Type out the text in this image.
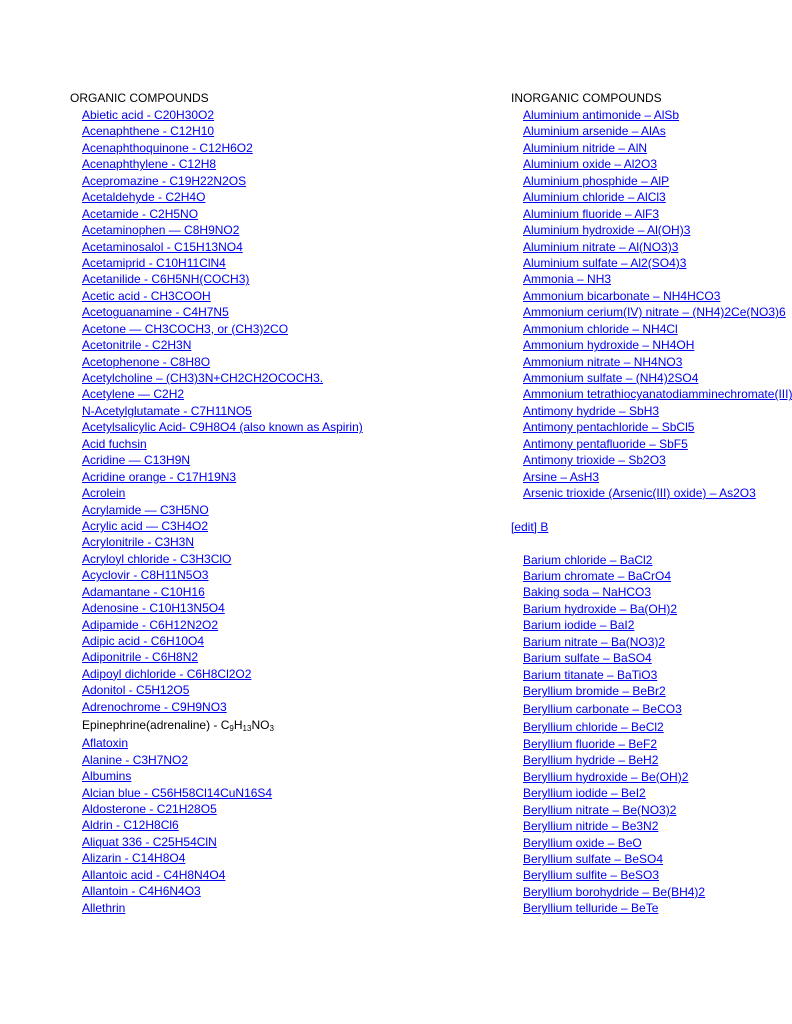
ORGANIC COMPOUNDS
Abietic acid - C20H30O2
Acenaphthene - C12H10
Acenaphthoquinone - C12H6O2
Acenaphthylene - C12H8
Acepromazine - C19H22N2OS
Acetaldehyde - C2H4O
Acetamide - C2H5NO
Acetaminophen — C8H9NO2
Acetaminosalol - C15H13NO4
Acetamiprid - C10H11ClN4
Acetanilide - C6H5NH(COCH3)
Acetic acid - CH3COOH
Acetoguanamine - C4H7N5
Acetone — CH3COCH3, or (CH3)2CO
Acetonitrile - C2H3N
Acetophenone - C8H8O
Acetylcholine – (CH3)3N+CH2CH2OCOCH3.
Acetylene — C2H2
N-Acetylglutamate - C7H11NO5
Acetylsalicylic Acid- C9H8O4 (also known as Aspirin)
Acid fuchsin
Acridine — C13H9N
Acridine orange - C17H19N3
Acrolein
Acrylamide — C3H5NO
Acrylic acid — C3H4O2
Acrylonitrile - C3H3N
Acryloyl chloride - C3H3ClO
Acyclovir - C8H11N5O3
Adamantane - C10H16
Adenosine - C10H13N5O4
Adipamide - C6H12N2O2
Adipic acid - C6H10O4
Adiponitrile - C6H8N2
Adipoyl dichloride - C6H8Cl2O2
Adonitol - C5H12O5
Adrenochrome - C9H9NO3
Epinephrine(adrenaline) - $C_9H_{13}NO_3$
Aflatoxin
Alanine - C3H7NO2
Albumins
Alcian blue - C56H58Cl14CuN16S4
Aldosterone - C21H28O5
Aldrin - C12H8Cl6
Aliquat 336 - C25H54ClN
Alizarin - C14H8O4
Allantoic acid - C4H8N4O4
Allantoin - C4H6N4O3
Allethrin
INORGANIC COMPOUNDS
Aluminium antimonide – AlSb
Aluminium arsenide – AlAs
Aluminium nitride – AlN
Aluminium oxide – Al2O3
Aluminium phosphide – AlP
Aluminium chloride – AlCl3
Aluminium fluoride – AlF3
Aluminium hydroxide – Al(OH)3
Aluminium nitrate – Al(NO3)3
Aluminium sulfate – Al2(SO4)3
Ammonia – NH3
Ammonium bicarbonate – NH4HCO3
Ammonium cerium(IV) nitrate – (NH4)2Ce(NO3)6
Ammonium chloride – NH4Cl
Ammonium hydroxide – NH4OH
Ammonium nitrate – NH4NO3
Ammonium sulfate – (NH4)2SO4
Ammonium tetrathiocyanatodiamminechromate(III)
Antimony hydride – SbH3
Antimony pentachloride – SbCl5
Antimony pentafluoride – SbF5
Antimony trioxide – Sb2O3
Arsine – AsH3
Arsenic trioxide (Arsenic(III) oxide) – As2O3
[edit] B
Barium chloride – BaCl2
Barium chromate – BaCrO4
Baking soda – NaHCO3
Barium hydroxide – Ba(OH)2
Barium iodide – BaI2
Barium nitrate – Ba(NO3)2
Barium sulfate – BaSO4
Barium titanate – BaTiO3
Beryllium bromide – BeBr2
Beryllium carbonate – BeCO3
Beryllium chloride – BeCl2
Beryllium fluoride – BeF2
Beryllium hydride – BeH2
Beryllium hydroxide – Be(OH)2
Beryllium iodide – BeI2
Beryllium nitrate – Be(NO3)2
Beryllium nitride – Be3N2
Beryllium oxide – BeO
Beryllium sulfate – BeSO4
Beryllium sulfite – BeSO3
Beryllium borohydride – Be(BH4)2
Beryllium telluride – BeTe
